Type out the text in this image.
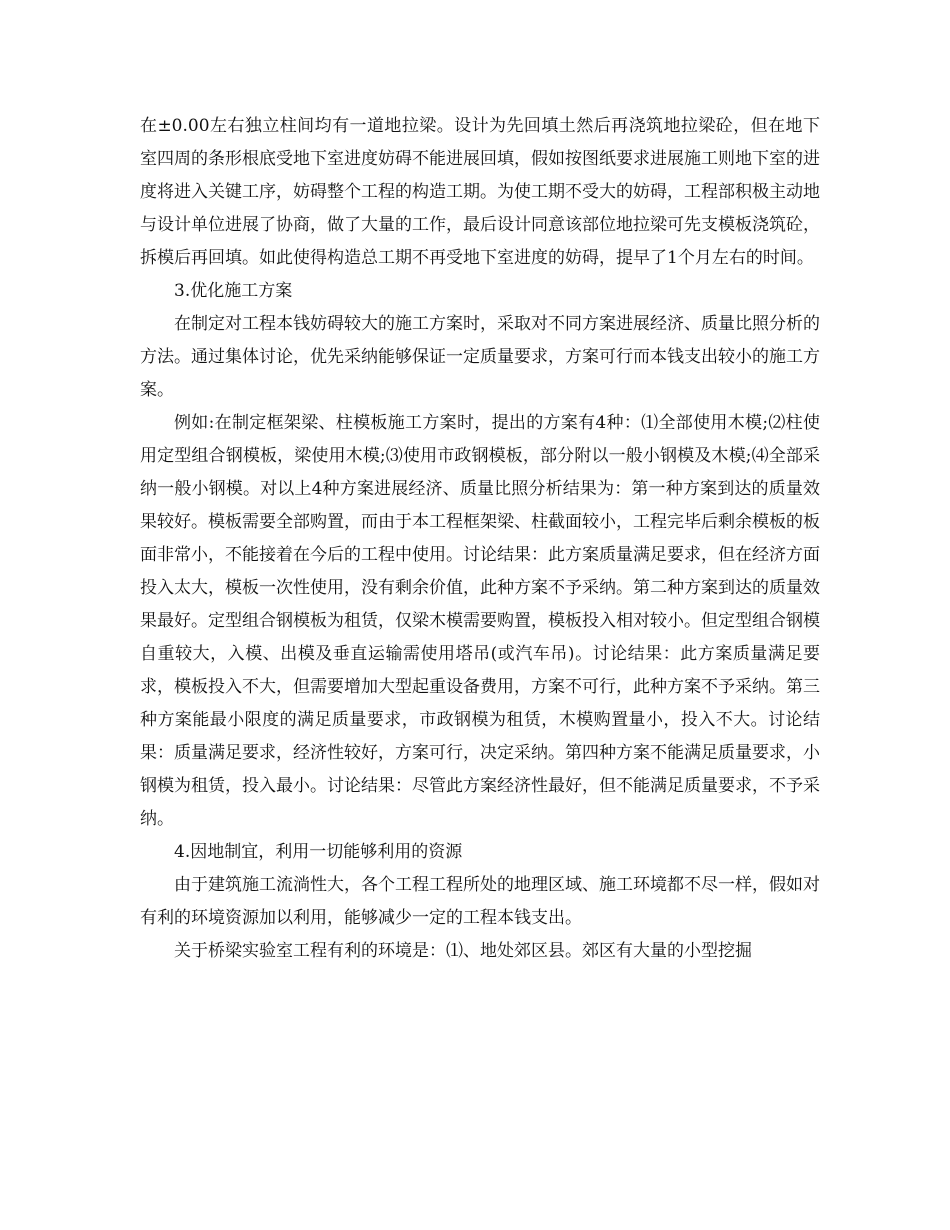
在±0.00左右独立柱间均有一道地拉梁。设计为先回填土然后再浇筑地拉梁砼，但在地下室四周的条形根底受地下室进度妨碍不能进展回填，假如按图纸要求进展施工则地下室的进度将进入关键工序，妨碍整个工程的构造工期。为使工期不受大的妨碍，工程部积极主动地与设计单位进展了协商，做了大量的工作，最后设计同意该部位地拉梁可先支模板浇筑砼，拆模后再回填。如此使得构造总工期不再受地下室进度的妨碍，提早了1个月左右的时间。

3.优化施工方案

在制定对工程本钱妨碍较大的施工方案时，采取对不同方案进展经济、质量比照分析的方法。通过集体讨论，优先采纳能够保证一定质量要求，方案可行而本钱支出较小的施工方案。

例如:在制定框架梁、柱模板施工方案时，提出的方案有4种：⑴全部使用木模;⑵柱使用定型组合钢模板，梁使用木模;⑶使用市政钢模板，部分附以一般小钢模及木模;⑷全部采纳一般小钢模。对以上4种方案进展经济、质量比照分析结果为：第一种方案到达的质量效果较好。模板需要全部购置，而由于本工程框架梁、柱截面较小，工程完毕后剩余模板的板面非常小，不能接着在今后的工程中使用。讨论结果：此方案质量满足要求，但在经济方面投入太大，模板一次性使用，没有剩余价值，此种方案不予采纳。第二种方案到达的质量效果最好。定型组合钢模板为租赁，仅梁木模需要购置，模板投入相对较小。但定型组合钢模自重较大，入模、出模及垂直运输需使用塔吊(或汽车吊)。讨论结果：此方案质量满足要求，模板投入不大，但需要增加大型起重设备费用，方案不可行，此种方案不予采纳。第三种方案能最小限度的满足质量要求，市政钢模为租赁，木模购置量小，投入不大。讨论结果：质量满足要求，经济性较好，方案可行，决定采纳。第四种方案不能满足质量要求，小钢模为租赁，投入最小。讨论结果：尽管此方案经济性最好，但不能满足质量要求，不予采纳。

4.因地制宜，利用一切能够利用的资源

由于建筑施工流淌性大，各个工程工程所处的地理区域、施工环境都不尽一样，假如对有利的环境资源加以利用，能够减少一定的工程本钱支出。

关于桥梁实验室工程有利的环境是：⑴、地处郊区县。郊区有大量的小型挖掘
